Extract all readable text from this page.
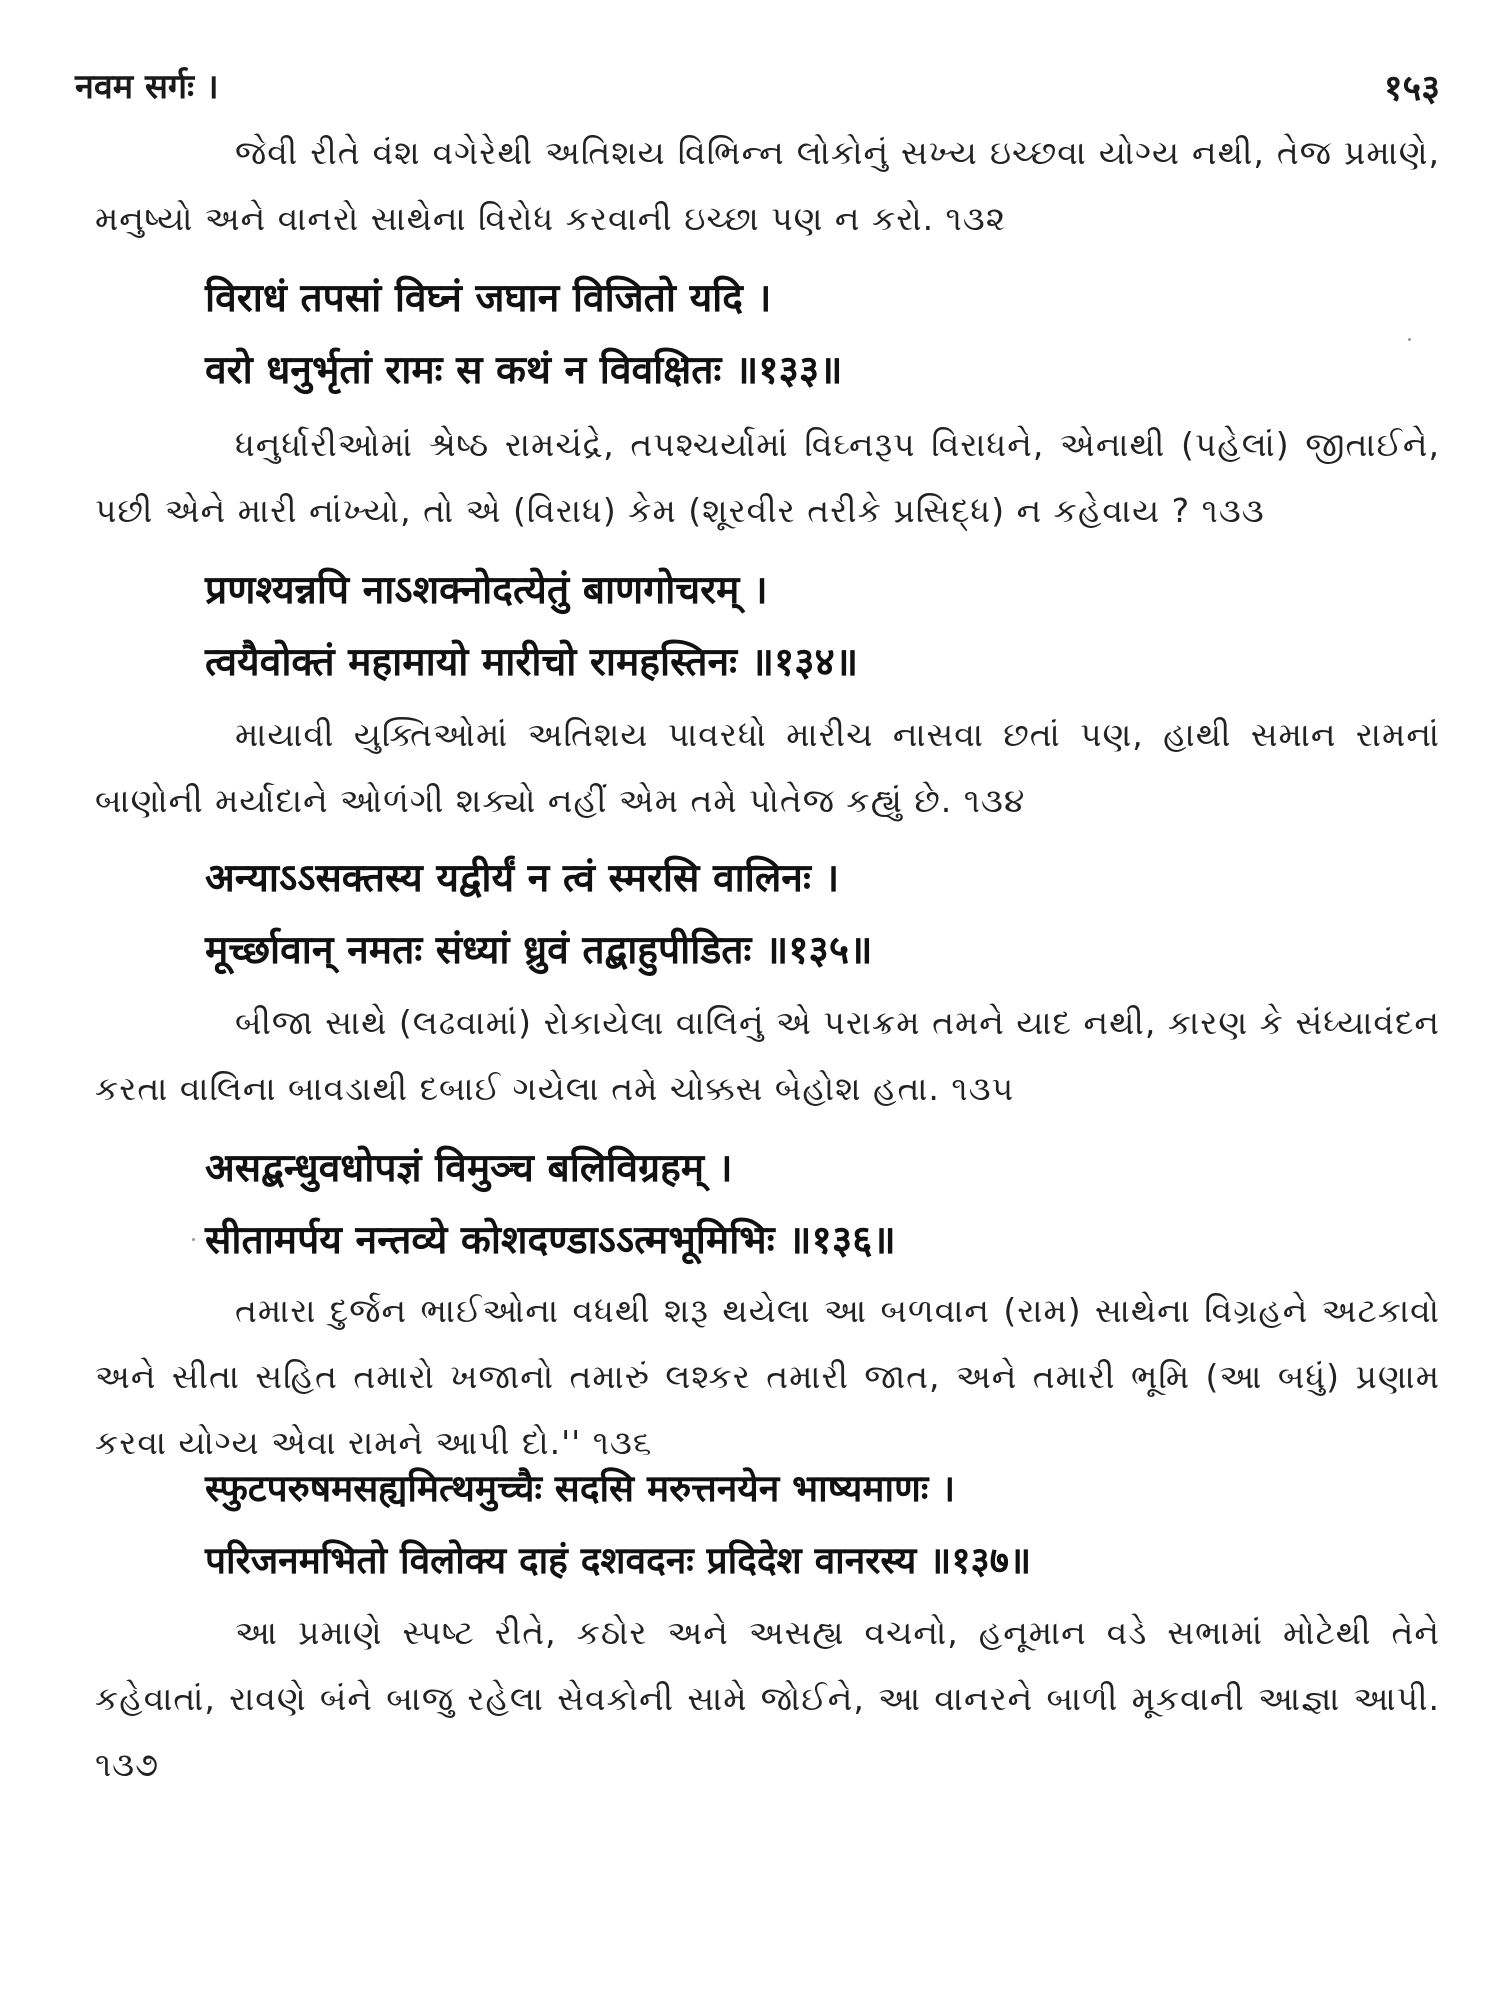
नवम सर्गः ।	१५३

જેવી રીતે વંશ વગેરેથી અતિશય વિભિન્ન લોકોનું સખ્ય ઇચ્છવા યોગ્ય નથી, તેજ પ્રમાણે, મનુષ્યો અને વાનરો સાથેના વિરોધ કરવાની ઇચ્છા પણ ન કરો. ૧૩૨

विराधं तपसां विघ्नं जघान विजितो यदि ।
वरो धनुर्भृतां रामः स कथं न विवक्षितः ॥१३३॥

ધનુર્ધારીઓમાં શ્રેષ્ઠ રામચંદ્રે, તપશ્ચર્યામાં વિઘ્નરૂપ વિરાધને, એનાથી (પહેલાં) જીતાઈને, પછી એને મારી નાંખ્યો, તો એ (વિરાધ) કેમ (શૂરવીર તરીકે પ્રસિદ્ધ) ન કહેવાય ? ૧૩૩

प्रणश्यन्नपि नाऽशक्नोदत्येतुं बाणगोचरम् ।
त्वयैवोक्तं महामायो मारीचो रामहस्तिनः ॥१३४॥

માયાવી યુક્તિઓમાં અતિશય પાવરધો મારીચ નાસવા છતાં પણ, હાથી સમાન રામનાં બાણોની મર્યાદાને ઓળંગી શક્યો નહીં એમ તમે પોતેજ કહ્યું છે. ૧૩૪

अन्याऽऽसक्तस्य यद्वीर्यं न त्वं स्मरसि वालिनः ।
मूर्च्छावान् नमतः संध्यां ध्रुवं तद्बाहुपीडितः ॥१३५॥

બીજા સાથે (લઢવામાં) રોકાયેલા વાલિનું એ પરાક્રમ તમને યાદ નથી, કારણ કે સંધ્યાવંદન કરતા વાલિના બાવડાથી દબાઈ ગયેલા તમે ચોક્કસ બેહોશ હતા. ૧૩૫

असद्बन्धुवधोपज्ञं विमुञ्च बलिविग्रहम् ।
सीतामर्पय नन्तव्ये कोशदण्डाऽऽत्मभूमिभिः ॥१३६॥

તમારા દુર્જન ભાઈઓના વધથી શરૂ થયેલા આ બળવાન (રામ) સાથેના વિગ્રહને અટકાવો અને સીતા સહિત તમારો ખજાનો તમારું લશ્કર તમારી જાત, અને તમારી ભૂમિ (આ બધું) પ્રણામ કરવા યોગ્ય એવા રામને આપી દો.'' ૧૩૬

स्फुटपरुषमसह्यमित्थमुच्चैः सदसि मरुत्तनयेन भाष्यमाणः ।
परिजनमभितो विलोक्य दाहं दशवदनः प्रदिदेश वानरस्य ॥१३७॥

આ પ્રમાણે સ્પષ્ટ રીતે, કઠોર અને અસહ્ય વચનો, હનૂમાન વડે સભામાં મોટેથી તેને કહેવાતાં, રાવણે બંને બાજુ રહેલા સેવકોની સામે જોઈને, આ વાનરને બાળી મૂકવાની આજ્ઞા આપી. ૧૩૭
